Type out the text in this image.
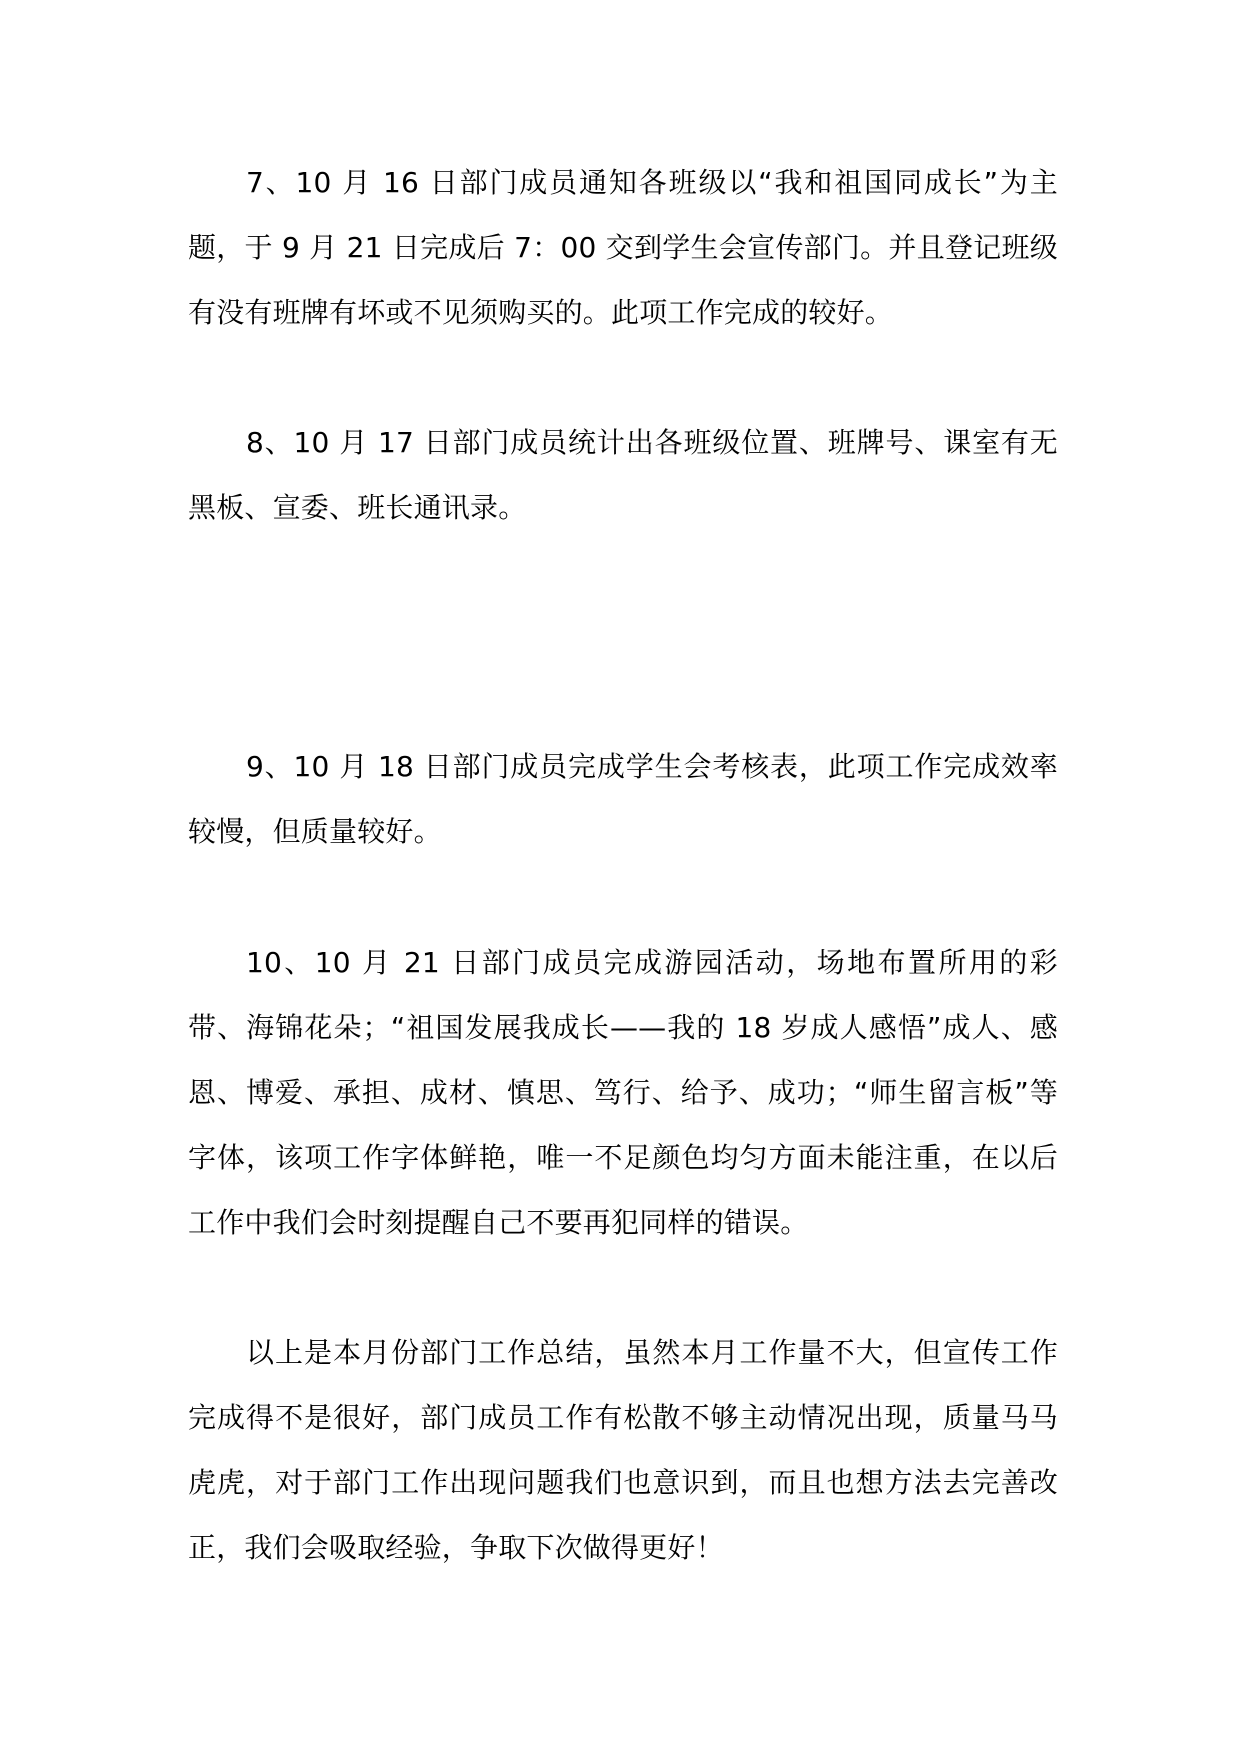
7、10 月 16 日部门成员通知各班级以“我和祖国同成长”为主题，于 9 月 21 日完成后 7：00 交到学生会宣传部门。并且登记班级有没有班牌有坏或不见须购买的。此项工作完成的较好。

8、10 月 17 日部门成员统计出各班级位置、班牌号、课室有无黑板、宣委、班长通讯录。

9、10 月 18 日部门成员完成学生会考核表，此项工作完成效率较慢，但质量较好。

10、10 月 21 日部门成员完成游园活动，场地布置所用的彩带、海锦花朵；“祖国发展我成长——我的 18 岁成人感悟”成人、感恩、博爱、承担、成材、慎思、笃行、给予、成功；“师生留言板”等字体，该项工作字体鲜艳，唯一不足颜色均匀方面未能注重，在以后工作中我们会时刻提醒自己不要再犯同样的错误。

以上是本月份部门工作总结，虽然本月工作量不大，但宣传工作完成得不是很好，部门成员工作有松散不够主动情况出现，质量马马虎虎，对于部门工作出现问题我们也意识到，而且也想方法去完善改正，我们会吸取经验，争取下次做得更好！
